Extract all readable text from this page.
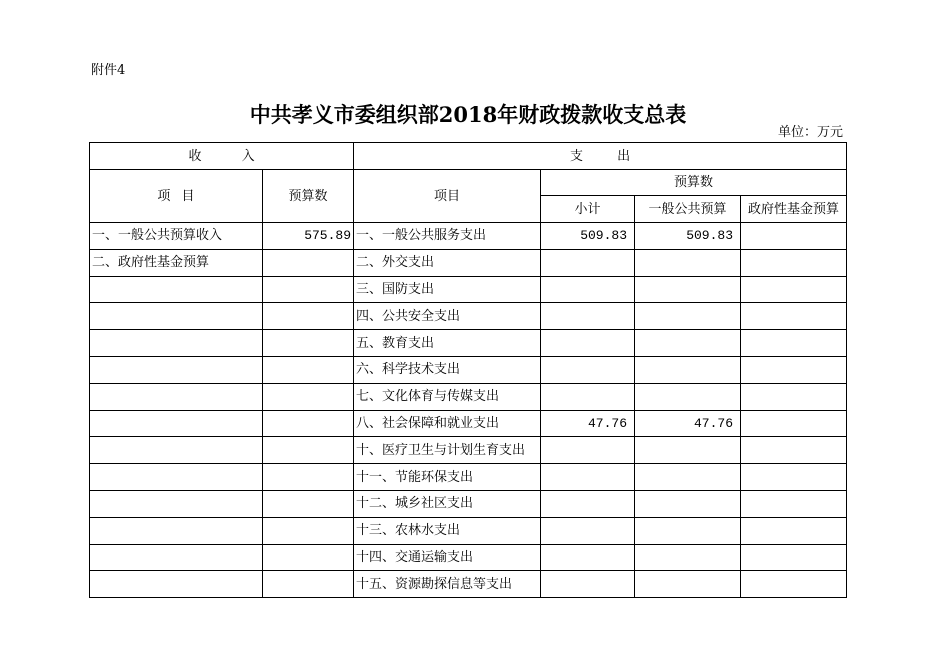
附件4
中共孝义市委组织部2018年财政拨款收支总表
单位：万元
收 入		支 出			
项 目	预算数	项目	预算数		
			小计	一般公共预算	政府性基金预算
一、一般公共预算收入	575.89	一、一般公共服务支出	509.83	509.83	
二、政府性基金预算		二、外交支出			
		三、国防支出			
		四、公共安全支出			
		五、教育支出			
		六、科学技术支出			
		七、文化体育与传媒支出			
		八、社会保障和就业支出	47.76	47.76	
		十、医疗卫生与计划生育支出			
		十一、节能环保支出			
		十二、城乡社区支出			
		十三、农林水支出			
		十四、交通运输支出			
		十五、资源勘探信息等支出			
